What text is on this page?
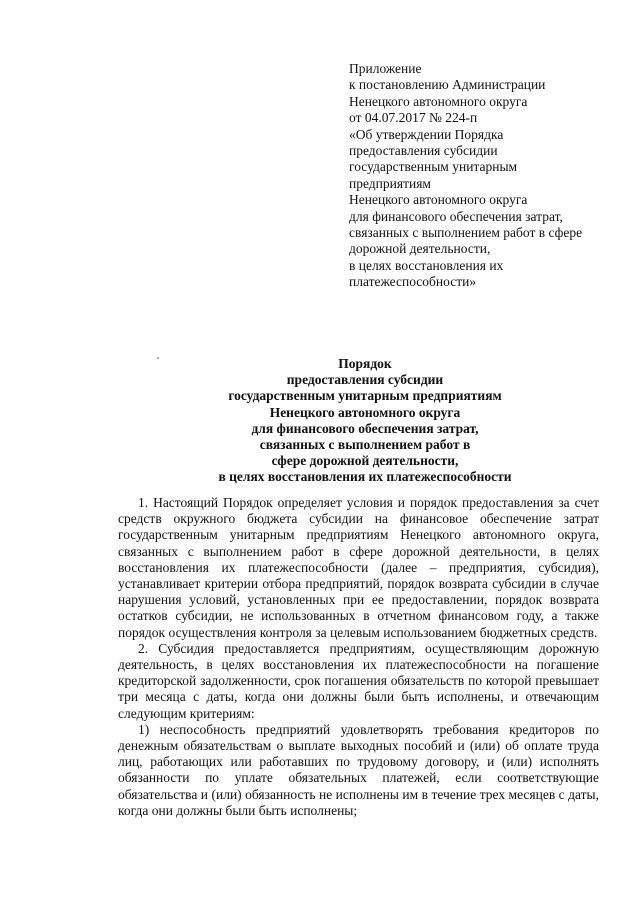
Приложение
к постановлению Администрации
Ненецкого автономного округа
от 04.07.2017 № 224-п
«Об утверждении Порядка
предоставления субсидии
государственным унитарным
предприятиям
Ненецкого автономного округа
для финансового обеспечения затрат,
связанных с выполнением работ в сфере
дорожной деятельности,
в целях восстановления их
платежеспособности»
Порядок
предоставления субсидии
государственным унитарным предприятиям
Ненецкого автономного округа
для финансового обеспечения затрат,
связанных с выполнением работ в
сфере дорожной деятельности,
в целях восстановления их платежеспособности

1. Настоящий Порядок определяет условия и порядок предоставления за счет средств окружного бюджета субсидии на финансовое обеспечение затрат государственным унитарным предприятиям Ненецкого автономного округа, связанных с выполнением работ в сфере дорожной деятельности, в целях восстановления их платежеспособности (далее – предприятия, субсидия), устанавливает критерии отбора предприятий, порядок возврата субсидии в случае нарушения условий, установленных при ее предоставлении, порядок возврата остатков субсидии, не использованных в отчетном финансовом году, а также порядок осуществления контроля за целевым использованием бюджетных средств.

2. Субсидия предоставляется предприятиям, осуществляющим дорожную деятельность, в целях восстановления их платежеспособности на погашение кредиторской задолженности, срок погашения обязательств по которой превышает три месяца с даты, когда они должны были быть исполнены, и отвечающим следующим критериям:

1) неспособность предприятий удовлетворять требования кредиторов по денежным обязательствам о выплате выходных пособий и (или) об оплате труда лиц, работающих или работавших по трудовому договору, и (или) исполнять обязанности по уплате обязательных платежей, если соответствующие обязательства и (или) обязанность не исполнены им в течение трех месяцев с даты, когда они должны были быть исполнены;
